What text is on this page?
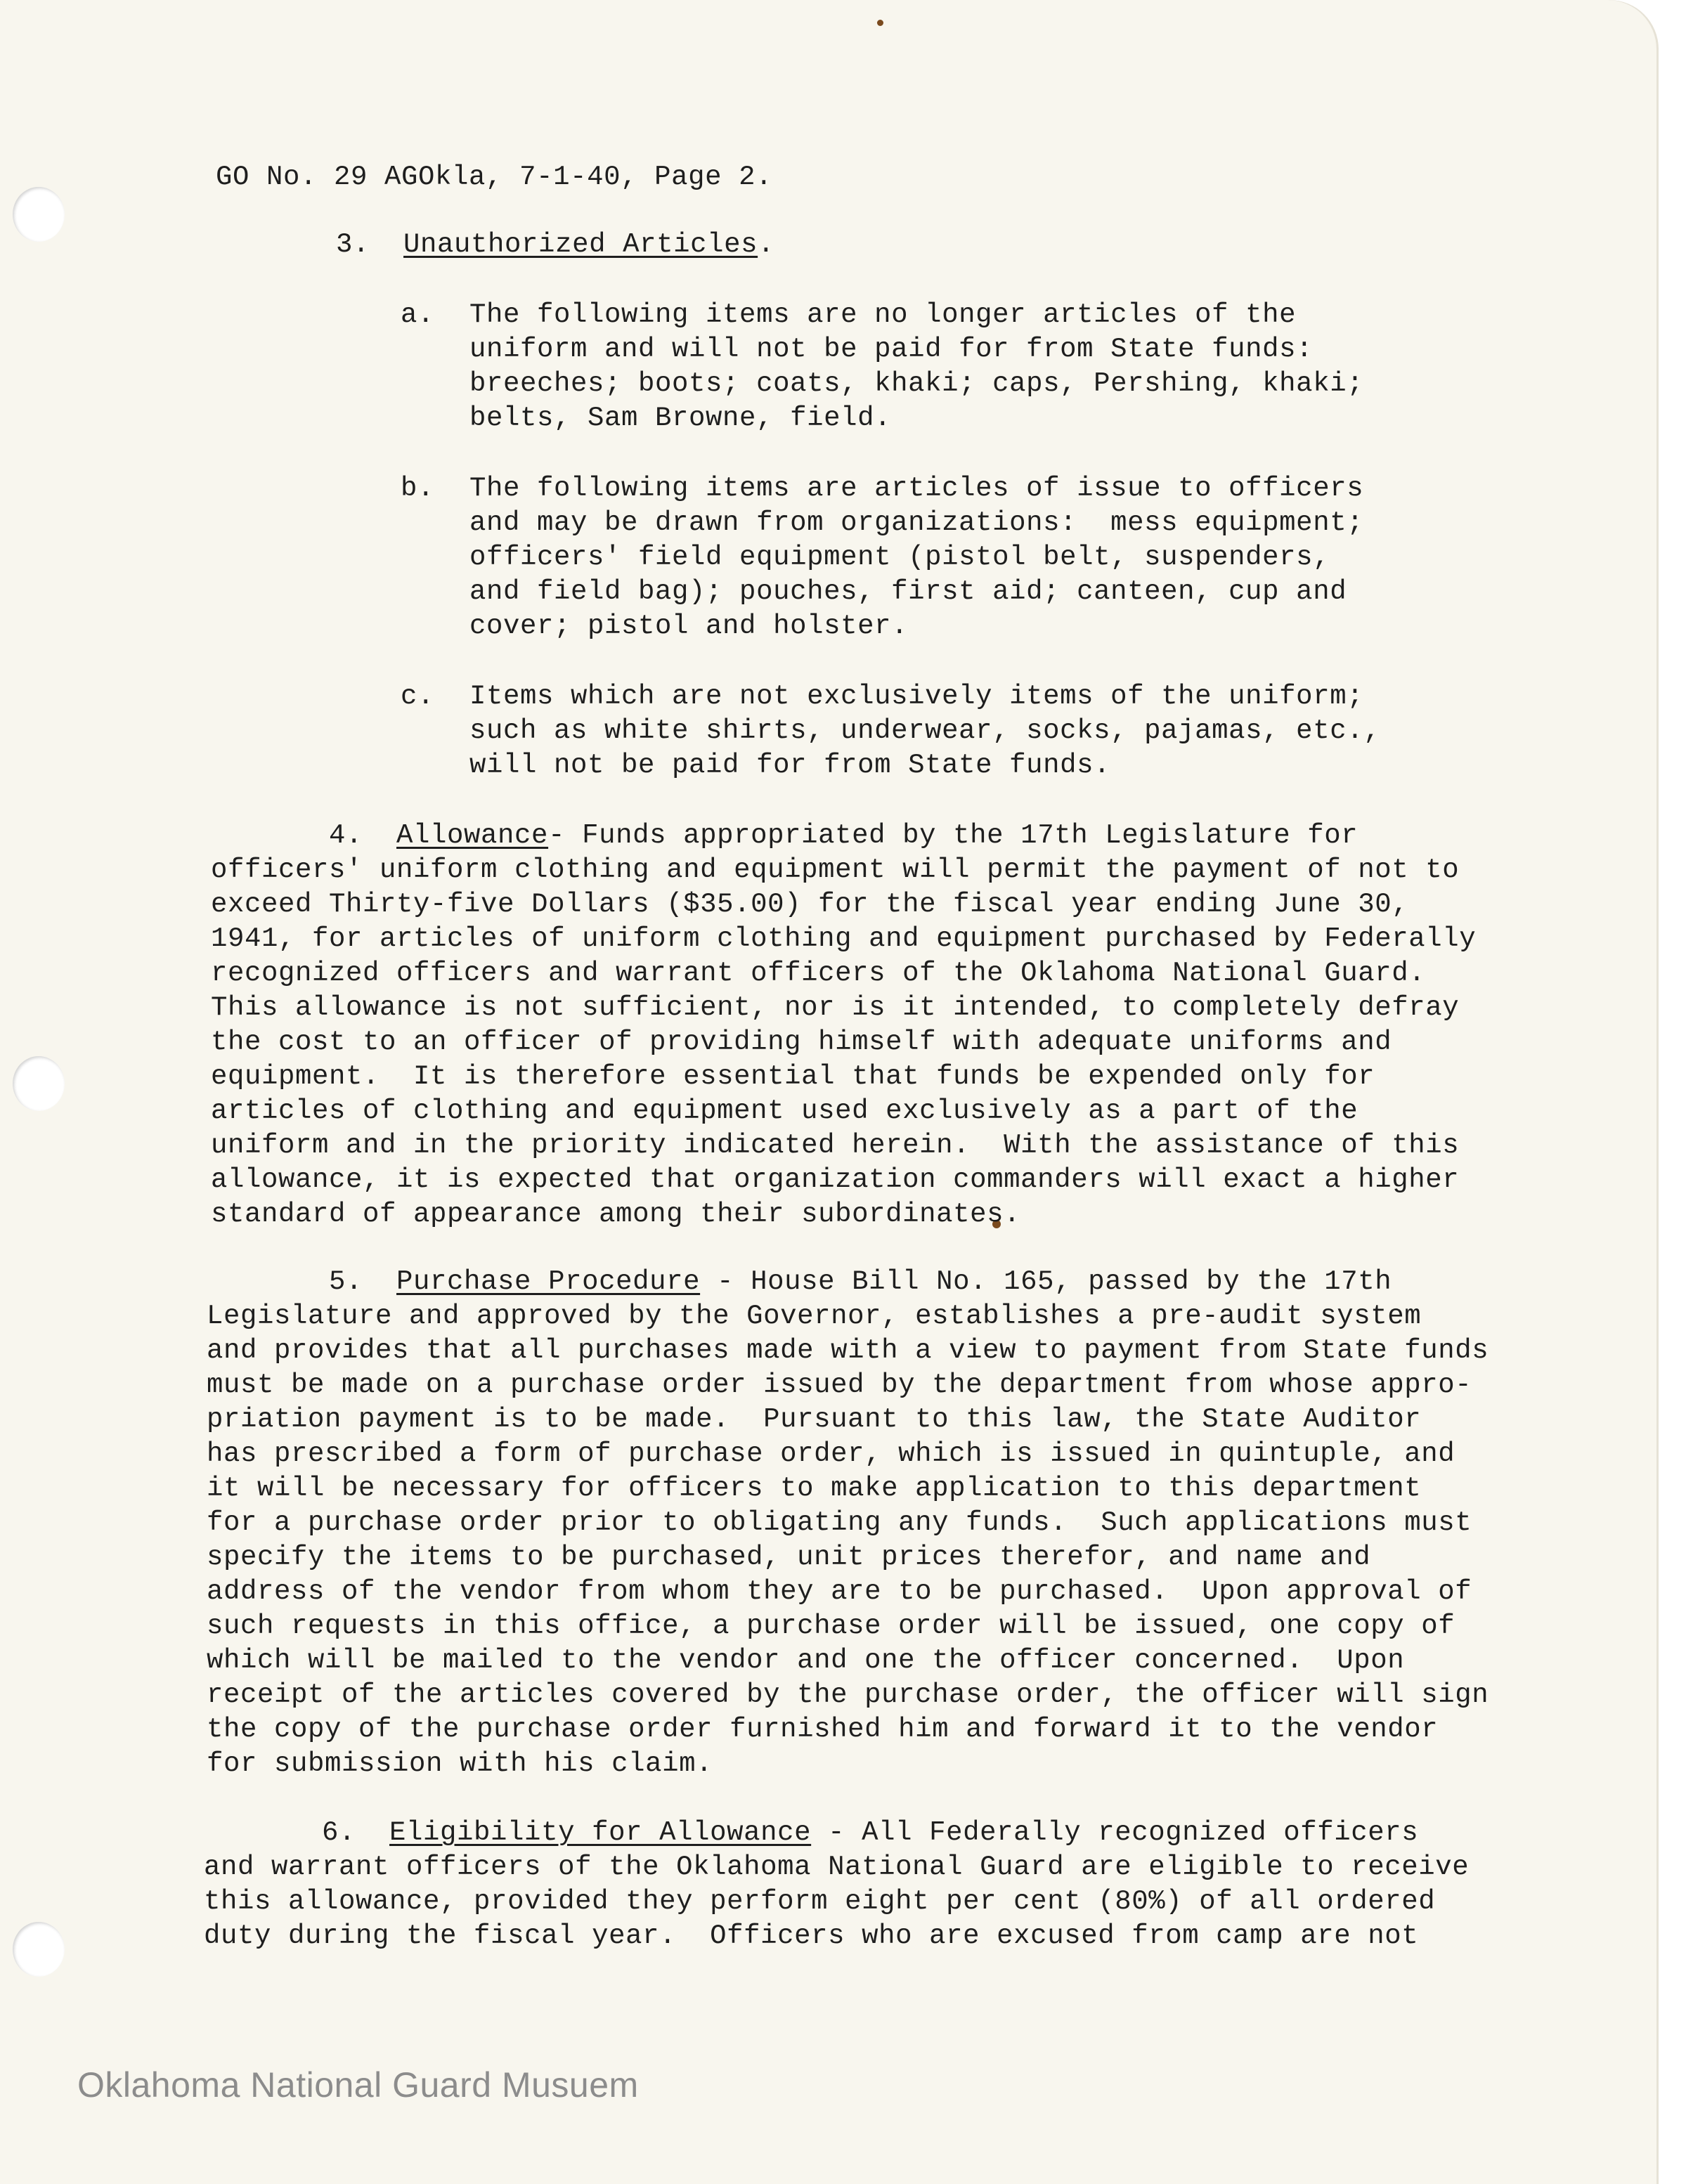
GO No. 29 AGOkla, 7-1-40, Page 2.
3. Unauthorized Articles.
a. The following items are no longer articles of the
uniform and will not be paid for from State funds:
breeches; boots; coats, khaki; caps, Pershing, khaki;
belts, Sam Browne, field.
b. The following items are articles of issue to officers
and may be drawn from organizations:  mess equipment;
officers' field equipment (pistol belt, suspenders,
and field bag); pouches, first aid; canteen, cup and
cover; pistol and holster.
c. Items which are not exclusively items of the uniform;
such as white shirts, underwear, socks, pajamas, etc.,
will not be paid for from State funds.
4. Allowance- Funds appropriated by the 17th Legislature for
officers' uniform clothing and equipment will permit the payment of not to
exceed Thirty-five Dollars ($35.00) for the fiscal year ending June 30,
1941, for articles of uniform clothing and equipment purchased by Federally
recognized officers and warrant officers of the Oklahoma National Guard.
This allowance is not sufficient, nor is it intended, to completely defray
the cost to an officer of providing himself with adequate uniforms and
equipment.  It is therefore essential that funds be expended only for
articles of clothing and equipment used exclusively as a part of the
uniform and in the priority indicated herein.  With the assistance of this
allowance, it is expected that organization commanders will exact a higher
standard of appearance among their subordinates.
5. Purchase Procedure - House Bill No. 165, passed by the 17th
Legislature and approved by the Governor, establishes a pre-audit system
and provides that all purchases made with a view to payment from State funds
must be made on a purchase order issued by the department from whose appro-
priation payment is to be made.  Pursuant to this law, the State Auditor
has prescribed a form of purchase order, which is issued in quintuple, and
it will be necessary for officers to make application to this department
for a purchase order prior to obligating any funds.  Such applications must
specify the items to be purchased, unit prices therefor, and name and
address of the vendor from whom they are to be purchased.  Upon approval of
such requests in this office, a purchase order will be issued, one copy of
which will be mailed to the vendor and one the officer concerned.  Upon
receipt of the articles covered by the purchase order, the officer will sign
the copy of the purchase order furnished him and forward it to the vendor
for submission with his claim.
6. Eligibility for Allowance - All Federally recognized officers
and warrant officers of the Oklahoma National Guard are eligible to receive
this allowance, provided they perform eight per cent (80%) of all ordered
duty during the fiscal year.  Officers who are excused from camp are not
Oklahoma National Guard Musuem
